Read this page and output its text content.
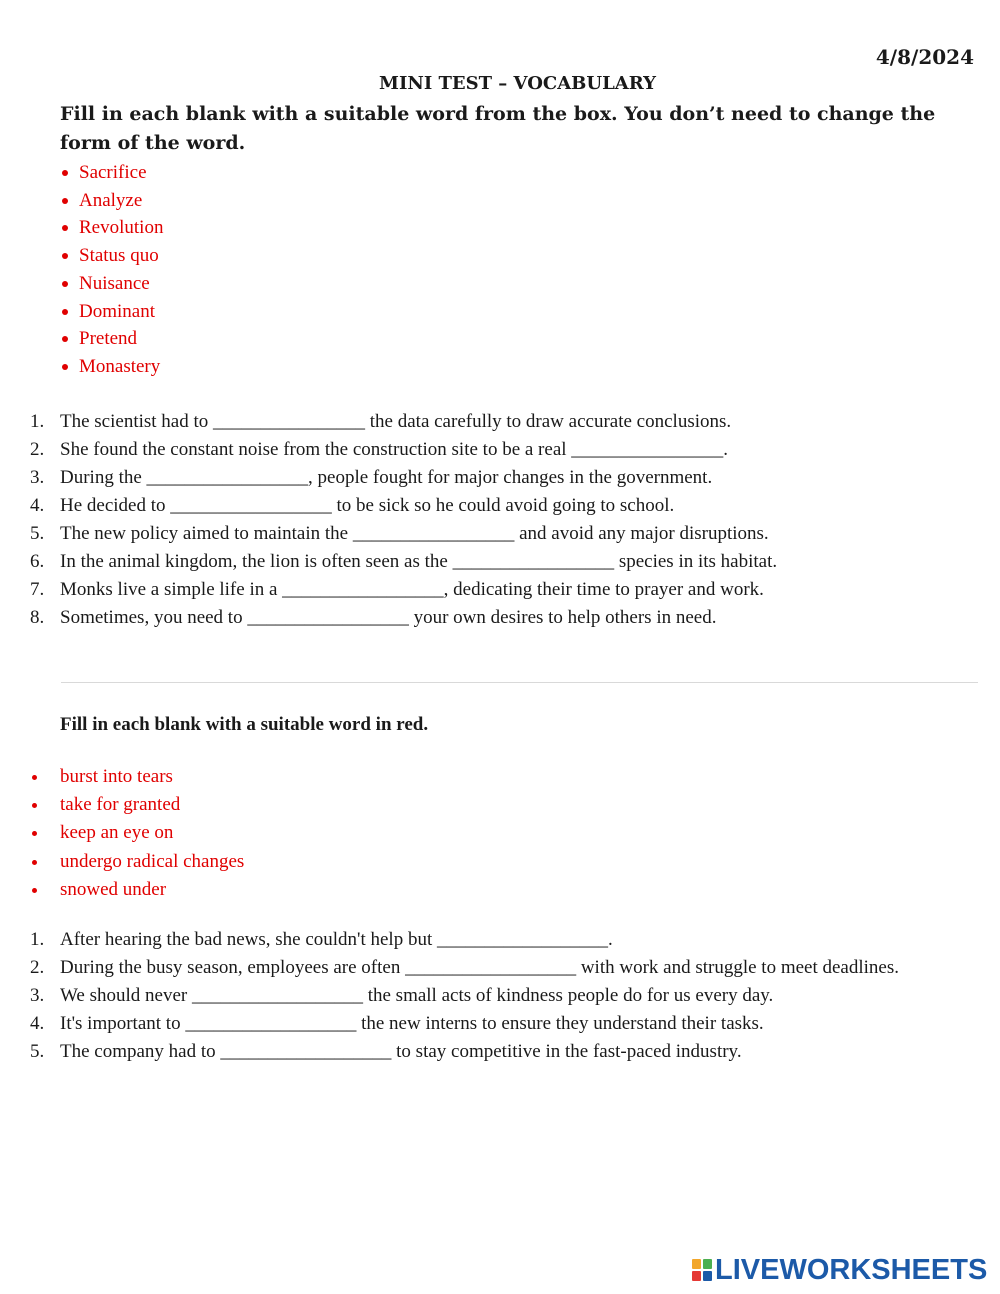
4/8/2024
MINI TEST – VOCABULARY
Fill in each blank with a suitable word from the box. You don’t need to change the form of the word.
Sacrifice
Analyze
Revolution
Status quo
Nuisance
Dominant
Pretend
Monastery
1. The scientist had to ________________ the data carefully to draw accurate conclusions.
2. She found the constant noise from the construction site to be a real ________________.
3. During the _________________, people fought for major changes in the government.
4. He decided to _________________ to be sick so he could avoid going to school.
5. The new policy aimed to maintain the _________________ and avoid any major disruptions.
6. In the animal kingdom, the lion is often seen as the _________________ species in its habitat.
7. Monks live a simple life in a _________________, dedicating their time to prayer and work.
8. Sometimes, you need to _________________ your own desires to help others in need.
Fill in each blank with a suitable word in red.
burst into tears
take for granted
keep an eye on
undergo radical changes
snowed under
1. After hearing the bad news, she couldn't help but __________________.
2. During the busy season, employees are often __________________ with work and struggle to meet deadlines.
3. We should never __________________ the small acts of kindness people do for us every day.
4. It's important to __________________ the new interns to ensure they understand their tasks.
5. The company had to __________________ to stay competitive in the fast-paced industry.
LIVEWORKSHEETS
